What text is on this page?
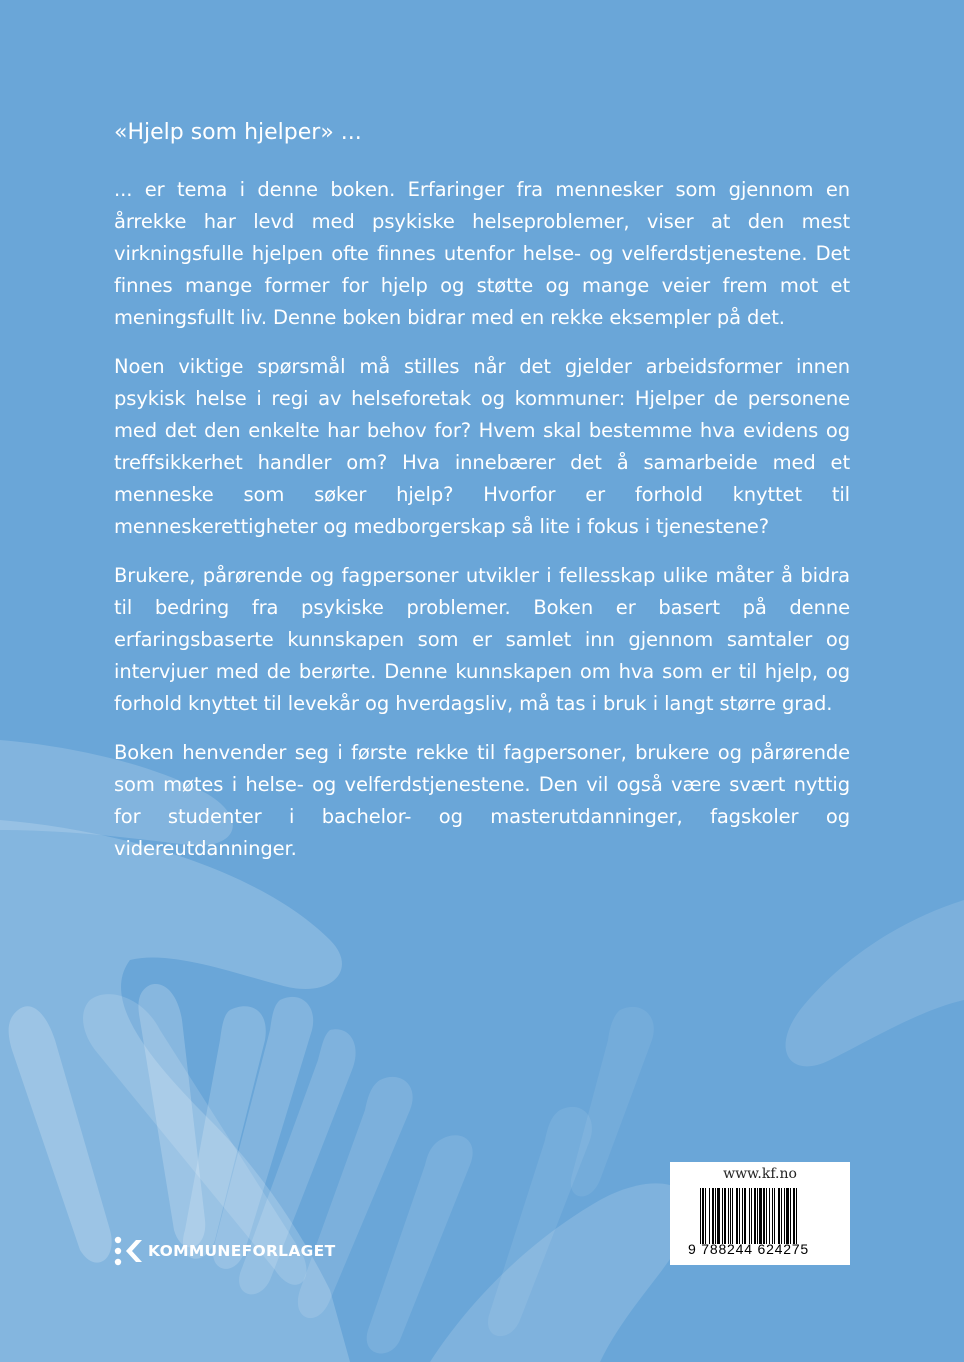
«Hjelp som hjelper» ...

... er tema i denne boken. Erfaringer fra mennesker som gjennom en årrekke har levd med psykiske helseproblemer, viser at den mest virkningsfulle hjelpen ofte finnes utenfor helse- og velferdstjenestene. Det finnes mange former for hjelp og støtte og mange veier frem mot et meningsfullt liv. Denne boken bidrar med en rekke eksempler på det.

Noen viktige spørsmål må stilles når det gjelder arbeidsformer innen psykisk helse i regi av helseforetak og kommuner: Hjelper de personene med det den enkelte har behov for? Hvem skal bestemme hva evidens og treffsikkerhet handler om? Hva innebærer det å samarbeide med et menneske som søker hjelp? Hvorfor er forhold knyttet til menneskerettigheter og medborgerskap så lite i fokus i tjenestene?

Brukere, pårørende og fagpersoner utvikler i fellesskap ulike måter å bidra til bedring fra psykiske problemer. Boken er basert på denne erfaringsbaserte kunnskapen som er samlet inn gjennom samtaler og intervjuer med de berørte. Denne kunnskapen om hva som er til hjelp, og forhold knyttet til levekår og hverdagsliv, må tas i bruk i langt større grad.

Boken henvender seg i første rekke til fagpersoner, brukere og pårørende som møtes i helse- og velferdstjenestene. Den vil også være svært nyttig for studenter i bachelor- og masterutdanninger, fagskoler og videreutdanninger.

KOMMUNEFORLAGET
www.kf.no
9 788244 624275
